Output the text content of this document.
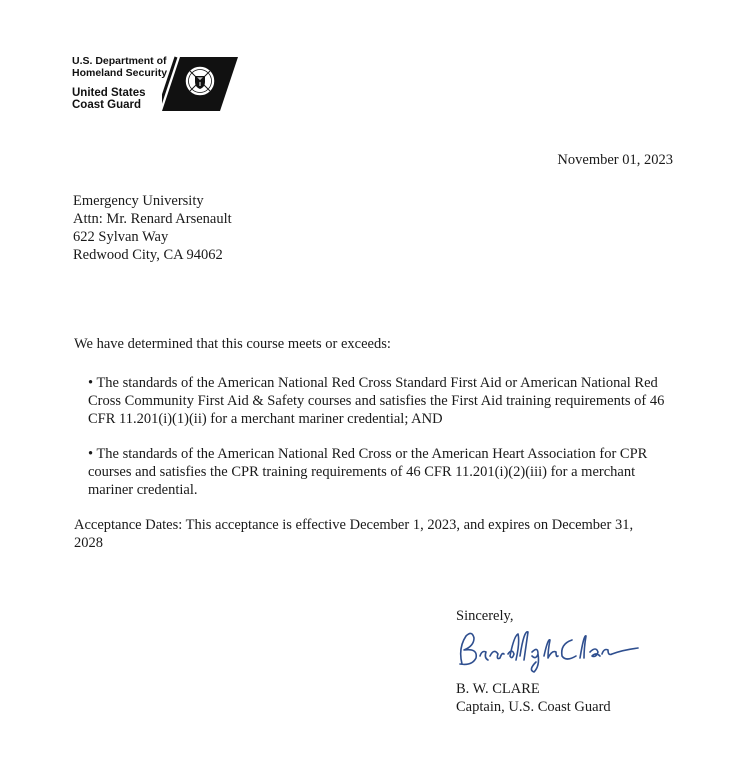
U.S. Department of
Homeland Security
United States
Coast Guard
November 01, 2023
Emergency University
Attn: Mr. Renard Arsenault
622 Sylvan Way
Redwood City, CA 94062
We have determined that this course meets or exceeds:
• The standards of the American National Red Cross Standard First Aid or American National Red Cross Community First Aid & Safety courses and satisfies the First Aid training requirements of 46 CFR 11.201(i)(1)(ii) for a merchant mariner credential; AND
• The standards of the American National Red Cross or the American Heart Association for CPR courses and satisfies the CPR training requirements of 46 CFR 11.201(i)(2)(iii) for a merchant mariner credential.
Acceptance Dates: This acceptance is effective December 1, 2023, and expires on December 31, 2028
Sincerely,
B. W. CLARE
Captain, U.S. Coast Guard
